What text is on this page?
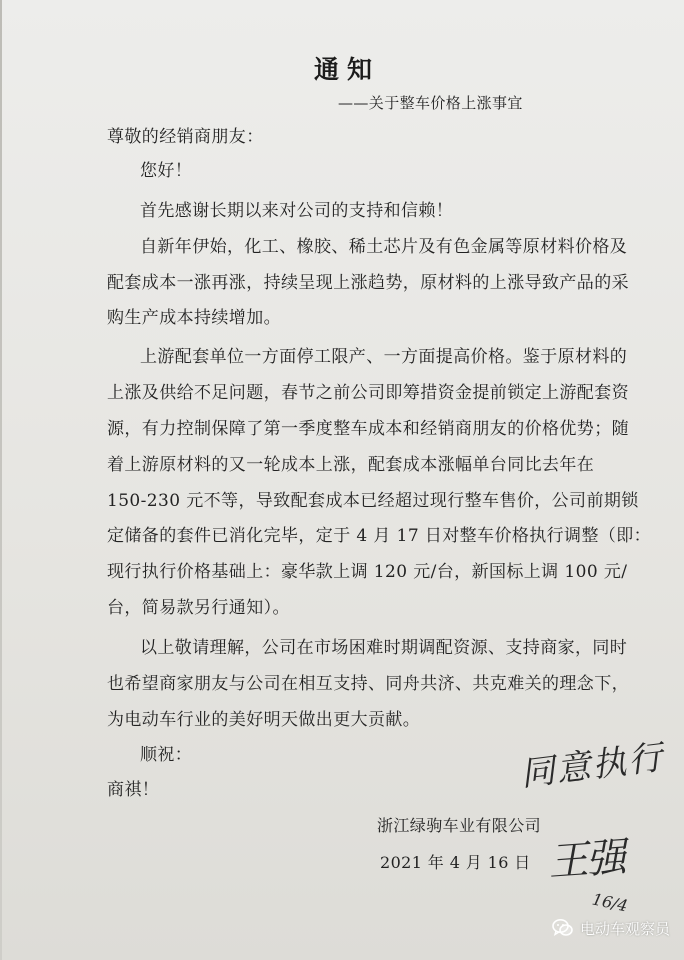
通知
——关于整车价格上涨事宜
尊敬的经销商朋友：
您好！
首先感谢长期以来对公司的支持和信赖！
自新年伊始，化工、橡胶、稀土芯片及有色金属等原材料价格及
配套成本一涨再涨，持续呈现上涨趋势，原材料的上涨导致产品的采
购生产成本持续增加。
上游配套单位一方面停工限产、一方面提高价格。鉴于原材料的
上涨及供给不足问题，春节之前公司即筹措资金提前锁定上游配套资
源，有力控制保障了第一季度整车成本和经销商朋友的价格优势；随
着上游原材料的又一轮成本上涨，配套成本涨幅单台同比去年在
150-230 元不等，导致配套成本已经超过现行整车售价，公司前期锁
定储备的套件已消化完毕，定于 4 月 17 日对整车价格执行调整（即：
现行执行价格基础上：豪华款上调 120 元/台，新国标上调 100 元/
台，简易款另行通知）。
以上敬请理解，公司在市场困难时期调配资源、支持商家，同时
也希望商家朋友与公司在相互支持、同舟共济、共克难关的理念下，
为电动车行业的美好明天做出更大贡献。
顺祝：
商祺！
浙江绿驹车业有限公司
2021 年 4 月 16 日
同意执行
王强
16/4
电动车观察员
